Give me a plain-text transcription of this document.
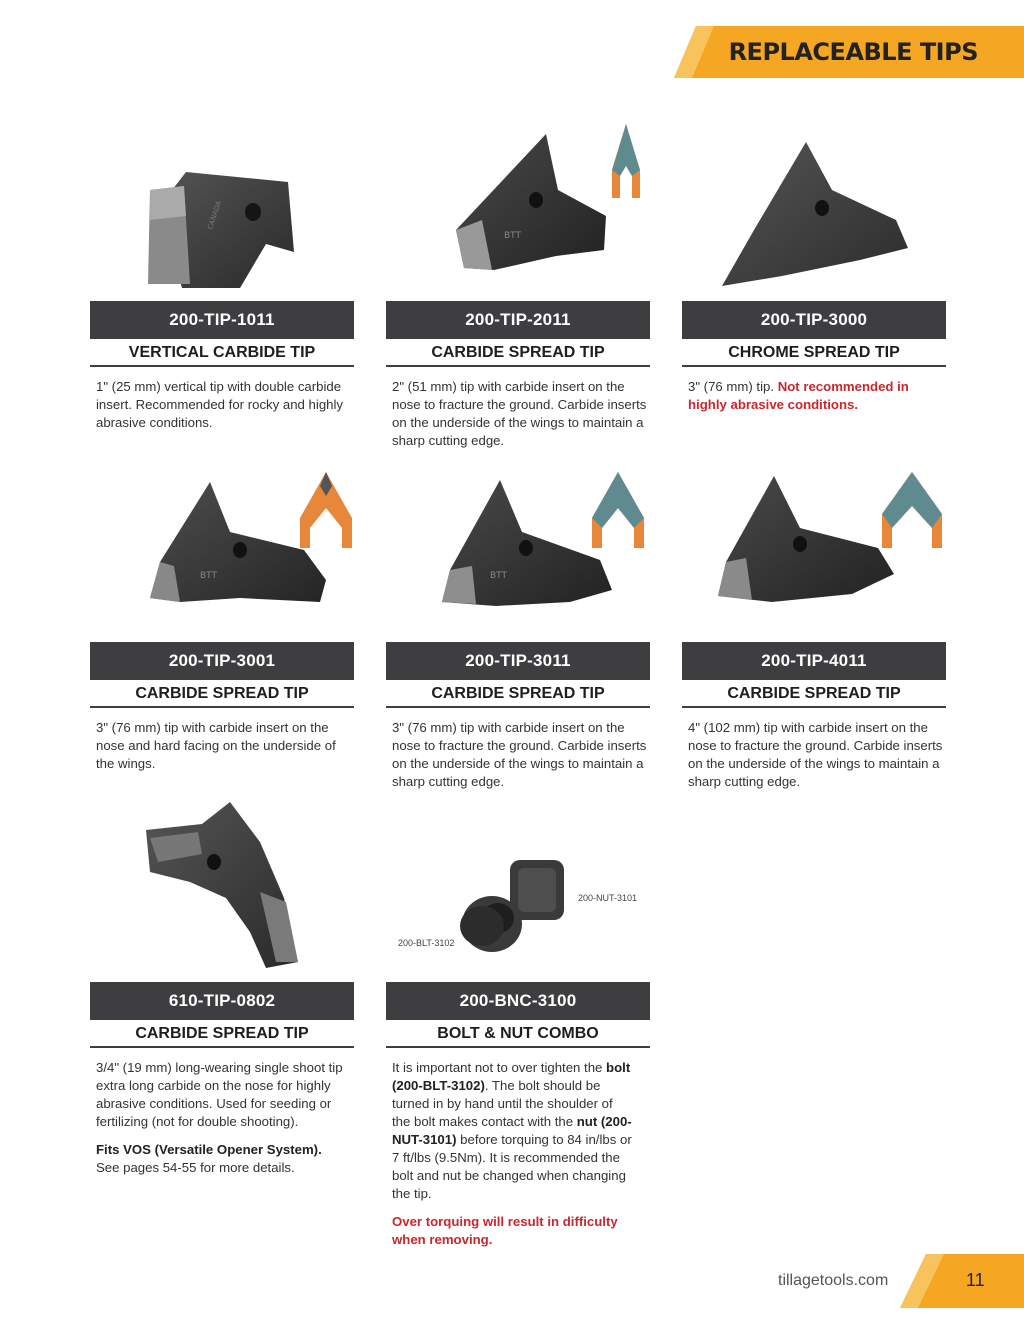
REPLACEABLE TIPS
CANADA
200-TIP-1011
VERTICAL CARBIDE TIP
1" (25 mm) vertical tip with double carbide insert. Recommended for rocky and highly abrasive conditions.
BTT
200-TIP-2011
CARBIDE SPREAD TIP
2" (51 mm) tip with carbide insert on the nose to fracture the ground. Carbide inserts on the underside of the wings to maintain a sharp cutting edge.
200-TIP-3000
CHROME SPREAD TIP
3" (76 mm) tip. Not recommended in highly abrasive conditions.
BTT
200-TIP-3001
CARBIDE SPREAD TIP
3" (76 mm) tip with carbide insert on the nose and hard facing on the underside of the wings.
BTT
200-TIP-3011
CARBIDE SPREAD TIP
3" (76 mm) tip with carbide insert on the nose to fracture the ground. Carbide inserts on the underside of the wings to maintain a sharp cutting edge.
200-TIP-4011
CARBIDE SPREAD TIP
4" (102 mm) tip with carbide insert on the nose to fracture the ground. Carbide inserts on the underside of the wings to maintain a sharp cutting edge.
610-TIP-0802
CARBIDE SPREAD TIP

3/4" (19 mm) long-wearing single shoot tip extra long carbide on the nose for highly abrasive conditions. Used for seeding or fertilizing (not for double shooting).

Fits VOS (Versatile Opener System).
See pages 54-55 for more details.
200-NUT-3101
200-BLT-3102
200-BNC-3100
BOLT & NUT COMBO

It is important not to over tighten the bolt (200-BLT-3102). The bolt should be turned in by hand until the shoulder of the bolt makes contact with the nut (200-NUT-3101) before torquing to 84 in/lbs or 7 ft/lbs (9.5Nm). It is recommended the bolt and nut be changed when changing the tip.

Over torquing will result in difficulty when removing.
tillagetools.com	11
